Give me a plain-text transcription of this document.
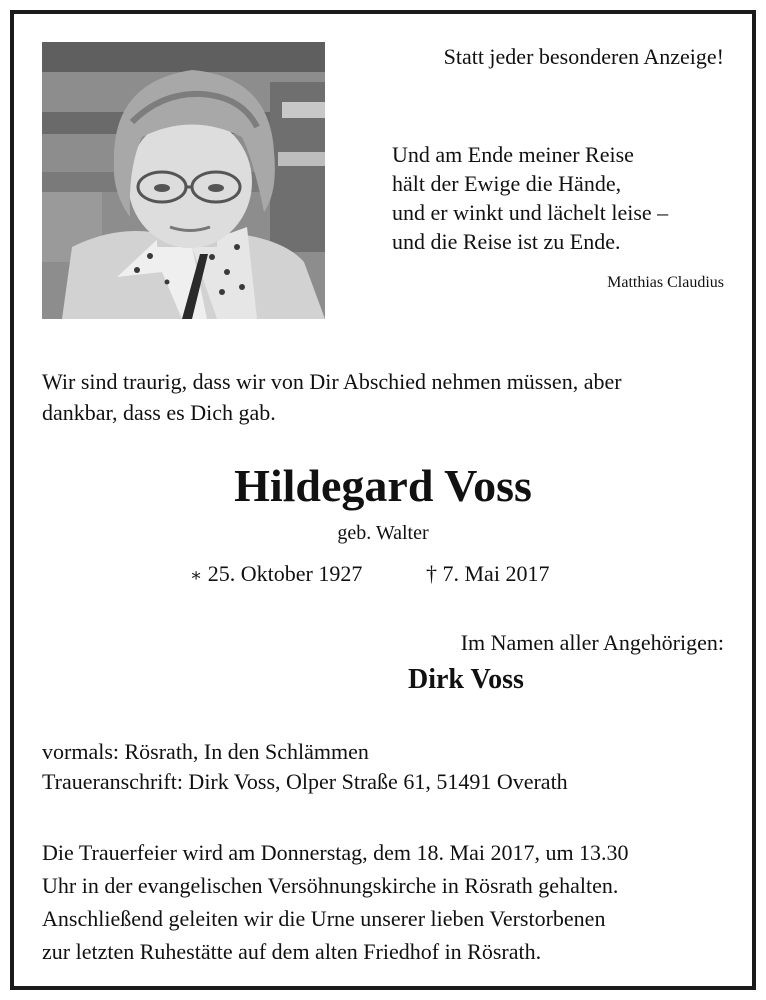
Statt jeder besonderen Anzeige!
Und am Ende meiner Reise
hält der Ewige die Hände,
und er winkt und lächelt leise –
und die Reise ist zu Ende.
Matthias Claudius
Wir sind traurig, dass wir von Dir Abschied nehmen müssen, aber
dankbar, dass es Dich gab.
Hildegard Voss
geb. Walter
∗ 25. Oktober 1927	† 7. Mai 2017
Im Namen aller Angehörigen:
Dirk Voss
vormals: Rösrath, In den Schlämmen
Traueranschrift: Dirk Voss, Olper Straße 61, 51491 Overath
Die Trauerfeier wird am Donnerstag, dem 18. Mai 2017, um 13.30
Uhr in der evangelischen Versöhnungskirche in Rösrath gehalten.
Anschließend geleiten wir die Urne unserer lieben Verstorbenen
zur letzten Ruhestätte auf dem alten Friedhof in Rösrath.
